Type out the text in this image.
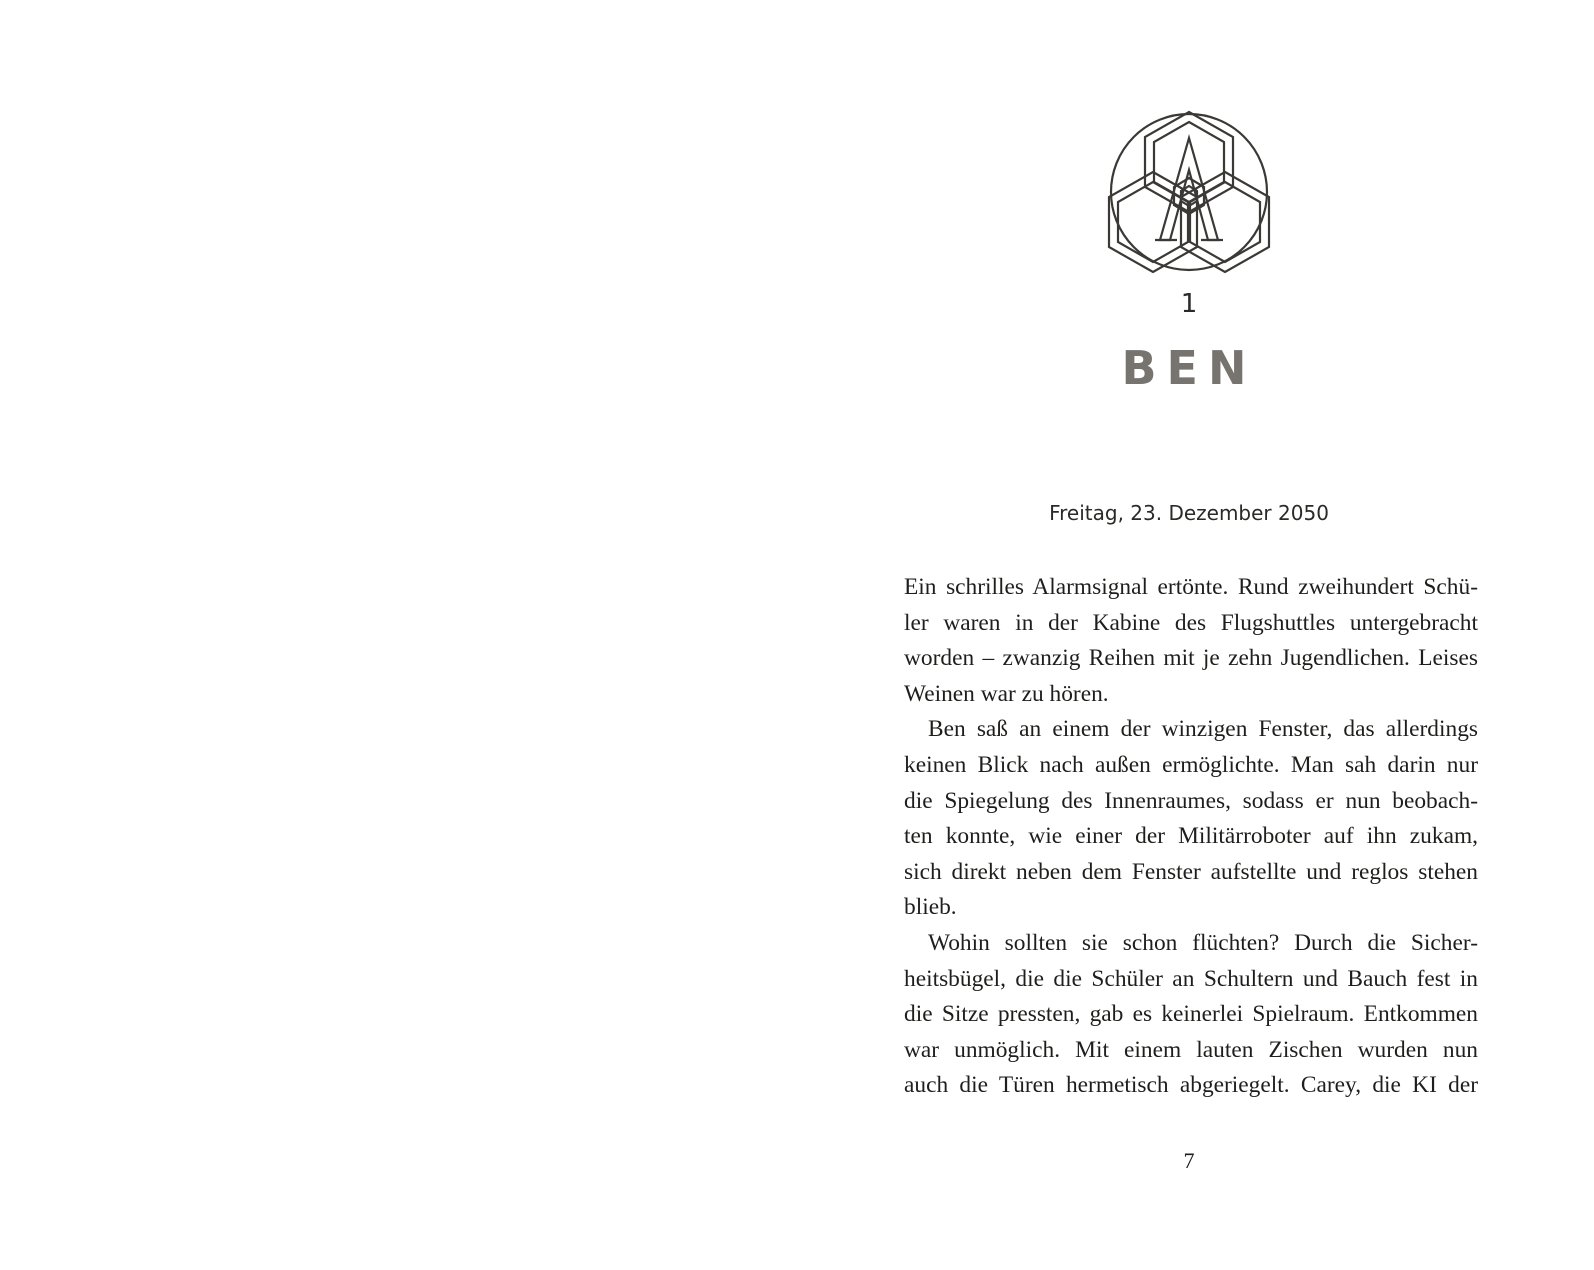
1
BEN
Freitag, 23. Dezember 2050
Ein schrilles Alarmsignal ertönte. Rund zweihundert Schü-
ler waren in der Kabine des Flugshuttles untergebracht
worden – zwanzig Reihen mit je zehn Jugendlichen. Leises
Weinen war zu hören.
Ben saß an einem der winzigen Fenster, das allerdings
keinen Blick nach außen ermöglichte. Man sah darin nur
die Spiegelung des Innenraumes, sodass er nun beobach-
ten konnte, wie einer der Militärroboter auf ihn zukam,
sich direkt neben dem Fenster aufstellte und reglos stehen
blieb.
Wohin sollten sie schon flüchten? Durch die Sicher-
heitsbügel, die die Schüler an Schultern und Bauch fest in
die Sitze pressten, gab es keinerlei Spielraum. Entkommen
war unmöglich. Mit einem lauten Zischen wurden nun
auch die Türen hermetisch abgeriegelt. Carey, die KI der
7
